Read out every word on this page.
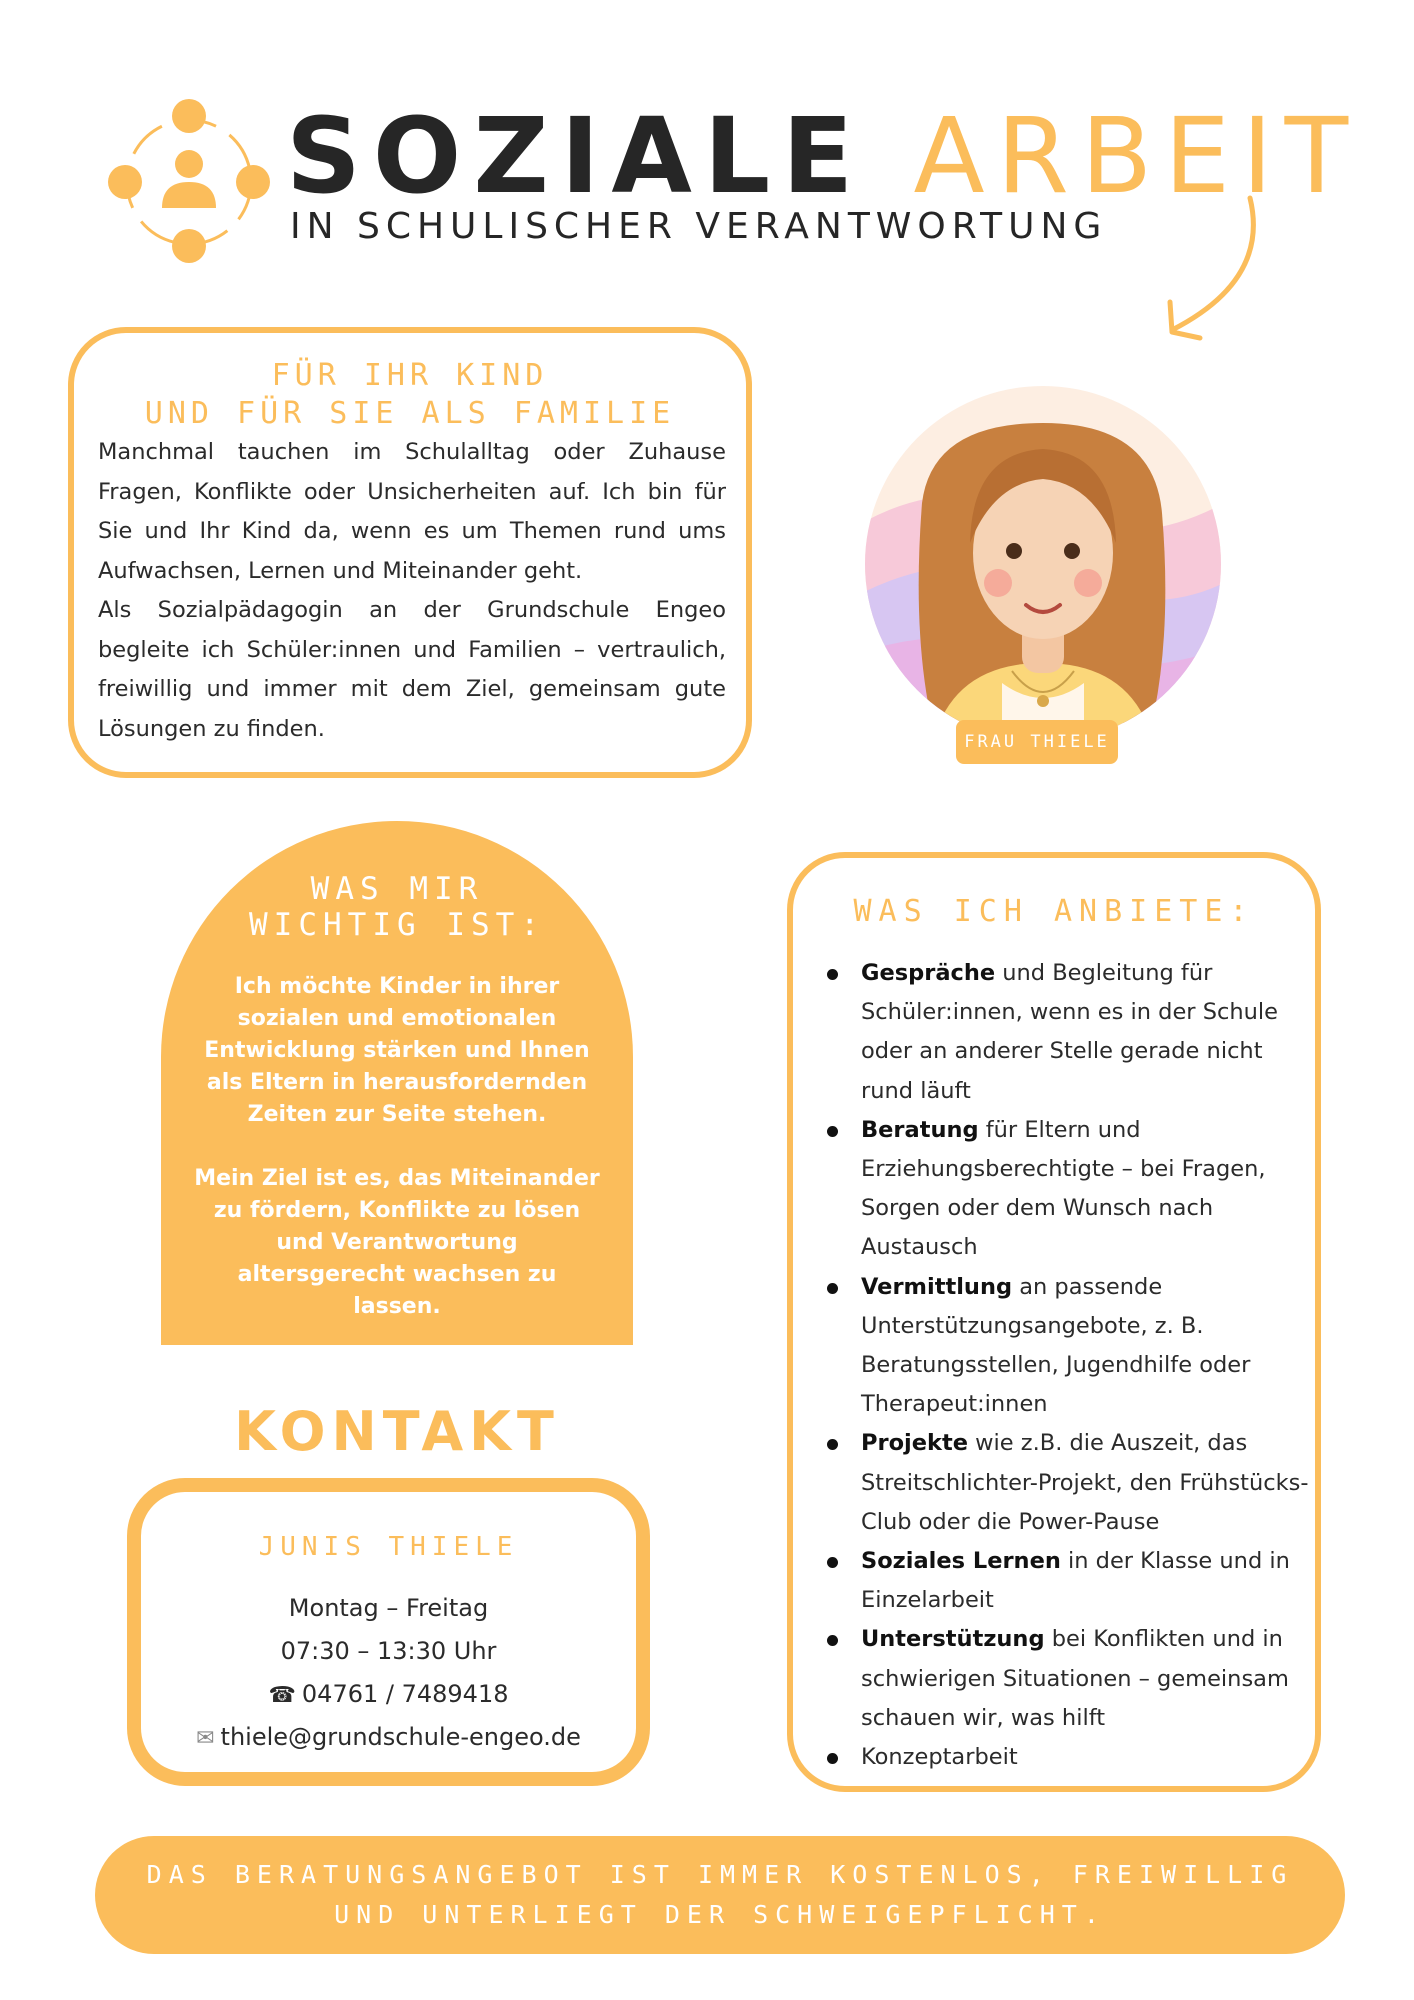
SOZIALE ARBEIT
IN SCHULISCHER VERANTWORTUNG
FÜR IHR KIND
UND FÜR SIE ALS FAMILIE

Manchmal tauchen im Schulalltag oder Zuhause Fragen, Konflikte oder Unsicherheiten auf. Ich bin für Sie und Ihr Kind da, wenn es um Themen rund ums Aufwachsen, Lernen und Miteinander geht.

Als Sozialpädagogin an der Grundschule Engeo begleite ich Schüler:innen und Familien – vertraulich, freiwillig und immer mit dem Ziel, gemeinsam gute Lösungen zu finden.

FRAU THIELE
WAS MIR
WICHTIG IST:

Ich möchte Kinder in ihrer sozialen und emotionalen Entwicklung stärken und Ihnen als Eltern in herausfordernden Zeiten zur Seite stehen.

Mein Ziel ist es, das Miteinander zu fördern, Konflikte zu lösen und Verantwortung altersgerecht wachsen zu lassen.

KONTAKT
JUNIS THIELE
Montag – Freitag
07:30 – 13:30 Uhr
☎ 04761 / 7489418
✉ thiele@grundschule-engeo.de
WAS ICH ANBIETE:
Gespräche und Begleitung für Schüler:innen, wenn es in der Schule oder an anderer Stelle gerade nicht rund läuft
Beratung für Eltern und Erziehungsberechtigte – bei Fragen, Sorgen oder dem Wunsch nach Austausch
Vermittlung an passende Unterstützungsangebote, z. B. Beratungsstellen, Jugendhilfe oder Therapeut:innen
Projekte wie z.B. die Auszeit, das Streitschlichter-Projekt, den Frühstücks-Club oder die Power-Pause
Soziales Lernen in der Klasse und in Einzelarbeit
Unterstützung bei Konflikten und in schwierigen Situationen – gemeinsam schauen wir, was hilft
Konzeptarbeit
DAS BERATUNGSANGEBOT IST IMMER KOSTENLOS, FREIWILLIG
UND UNTERLIEGT DER SCHWEIGEPFLICHT.
